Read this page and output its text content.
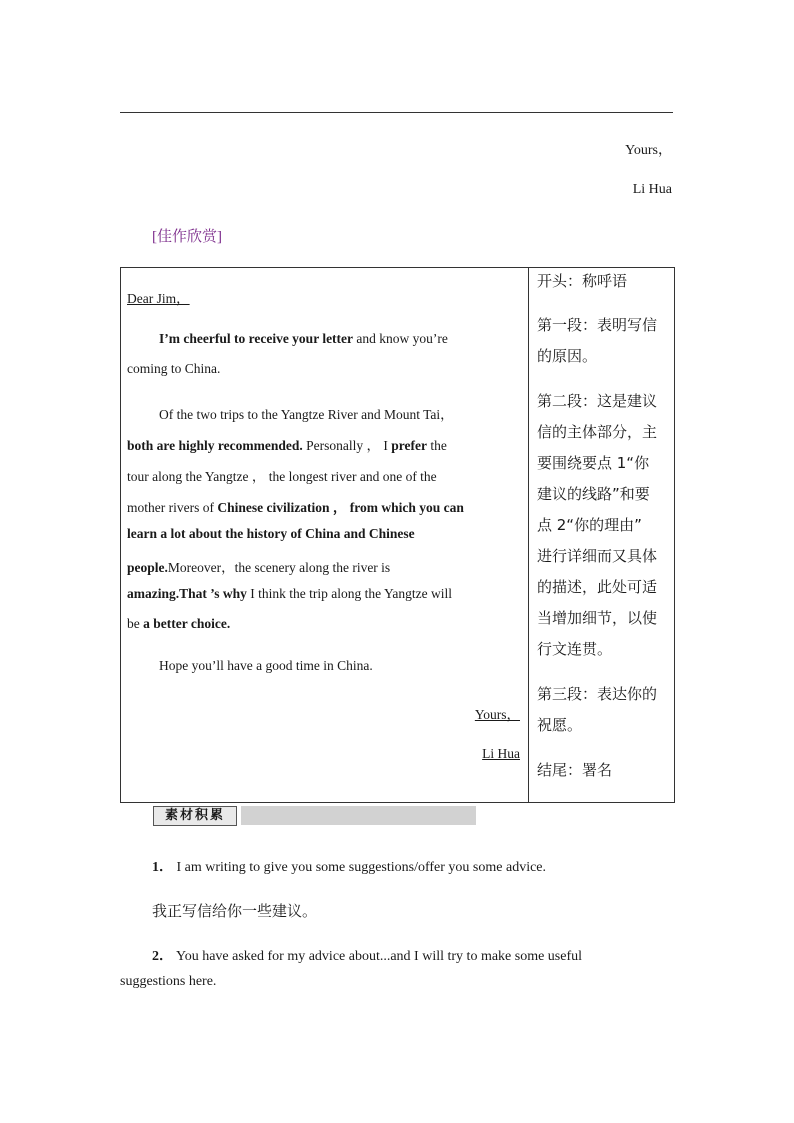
Yours，
Li Hua
[佳作欣赏]
Dear Jim，
I’m cheerful to receive your letter and know you’re
coming to China.
Of the two trips to the Yangtze River and Mount Tai，
both are highly recommended. Personally ， I prefer the
tour along the Yangtze ， the longest river and one of the
mother rivers of Chinese civilization ， from which you can
learn a lot about the history of China and Chinese
people.Moreover，the scenery along the river is
amazing.That ’s why I think the trip along the Yangtze will
be a better choice.
Hope you’ll have a good time in China.
Yours，
Li Hua

开头：称呼语
第一段：表明写信
的原因。
第二段：这是建议
信的主体部分，主
要围绕要点 1“你
建议的线路”和要
点 2“你的理由”
进行详细而又具体
的描述，此处可适
当增加细节，以使
行文连贯。
第三段：表达你的
祝愿。
结尾：署名
素材积累
1． I am writing to give you some suggestions/offer you some advice.
我正写信给你一些建议。
2． You have asked for my advice about...and I will try to make some useful
suggestions here.
